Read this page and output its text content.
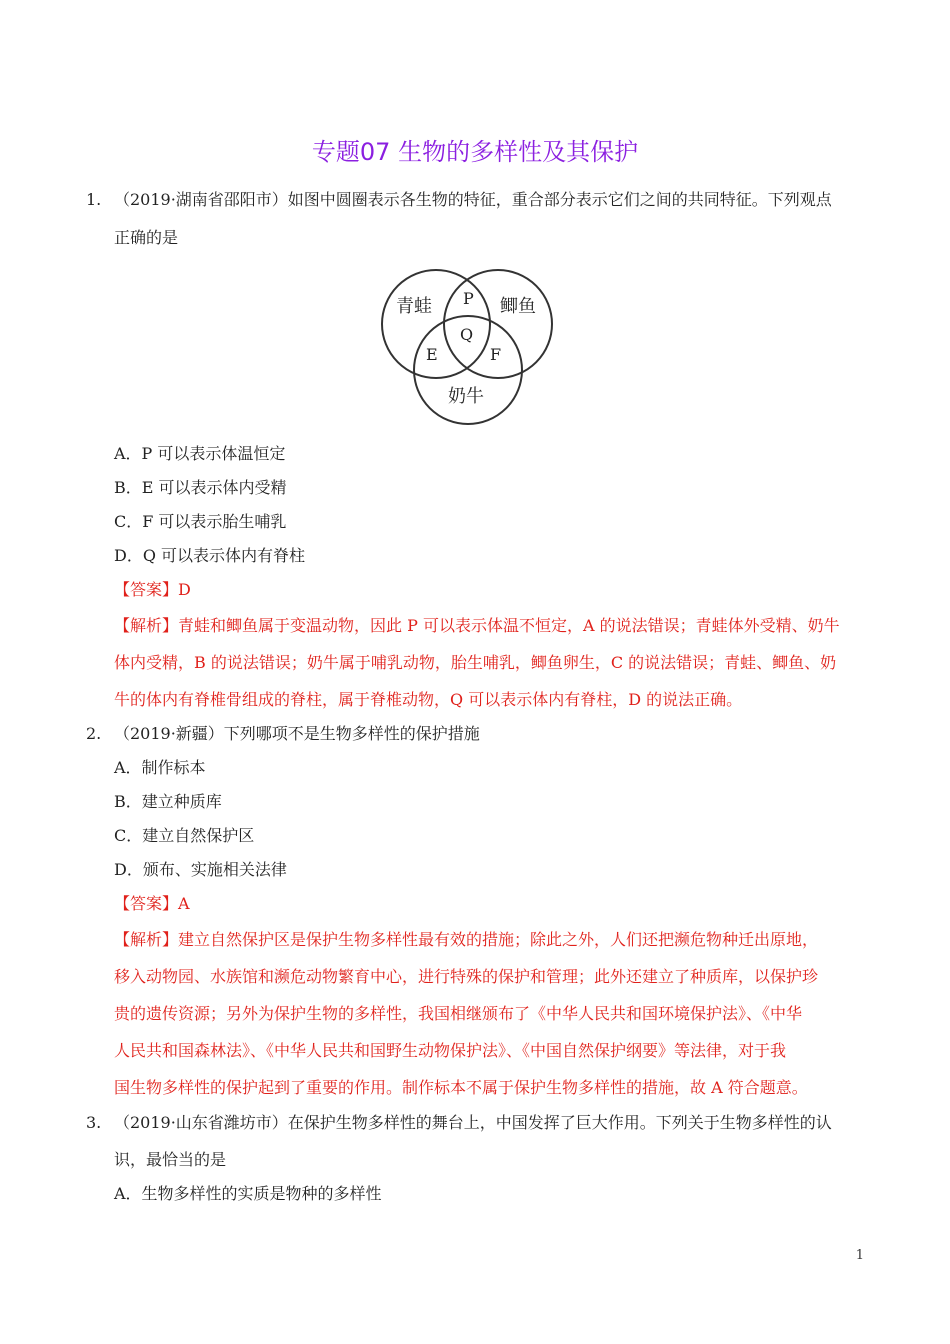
专题07 生物的多样性及其保护
1. （2019·湖南省邵阳市）如图中圆圈表示各生物的特征，重合部分表示它们之间的共同特征。下列观点
正确的是
青蛙	鲫鱼
奶牛
P
Q
E	F
A．P 可以表示体温恒定
B．E 可以表示体内受精
C．F 可以表示胎生哺乳
D．Q 可以表示体内有脊柱
【答案】D
【解析】青蛙和鲫鱼属于变温动物，因此 P 可以表示体温不恒定，A 的说法错误；青蛙体外受精、奶牛
体内受精，B 的说法错误；奶牛属于哺乳动物，胎生哺乳，鲫鱼卵生，C 的说法错误；青蛙、鲫鱼、奶
牛的体内有脊椎骨组成的脊柱，属于脊椎动物，Q 可以表示体内有脊柱，D 的说法正确。
2. （2019·新疆）下列哪项不是生物多样性的保护措施
A．制作标本
B．建立种质库
C．建立自然保护区
D．颁布、实施相关法律
【答案】A
【解析】建立自然保护区是保护生物多样性最有效的措施；除此之外，人们还把濒危物种迁出原地，
移入动物园、水族馆和濒危动物繁育中心，进行特殊的保护和管理；此外还建立了种质库，以保护珍
贵的遗传资源；另外为保护生物的多样性，我国相继颁布了《中华人民共和国环境保护法》、《中华
人民共和国森林法》、《中华人民共和国野生动物保护法》、《中国自然保护纲要》等法律，对于我
国生物多样性的保护起到了重要的作用。制作标本不属于保护生物多样性的措施，故 A 符合题意。
3. （2019·山东省潍坊市）在保护生物多样性的舞台上，中国发挥了巨大作用。下列关于生物多样性的认
识，最恰当的是
A．生物多样性的实质是物种的多样性
1
